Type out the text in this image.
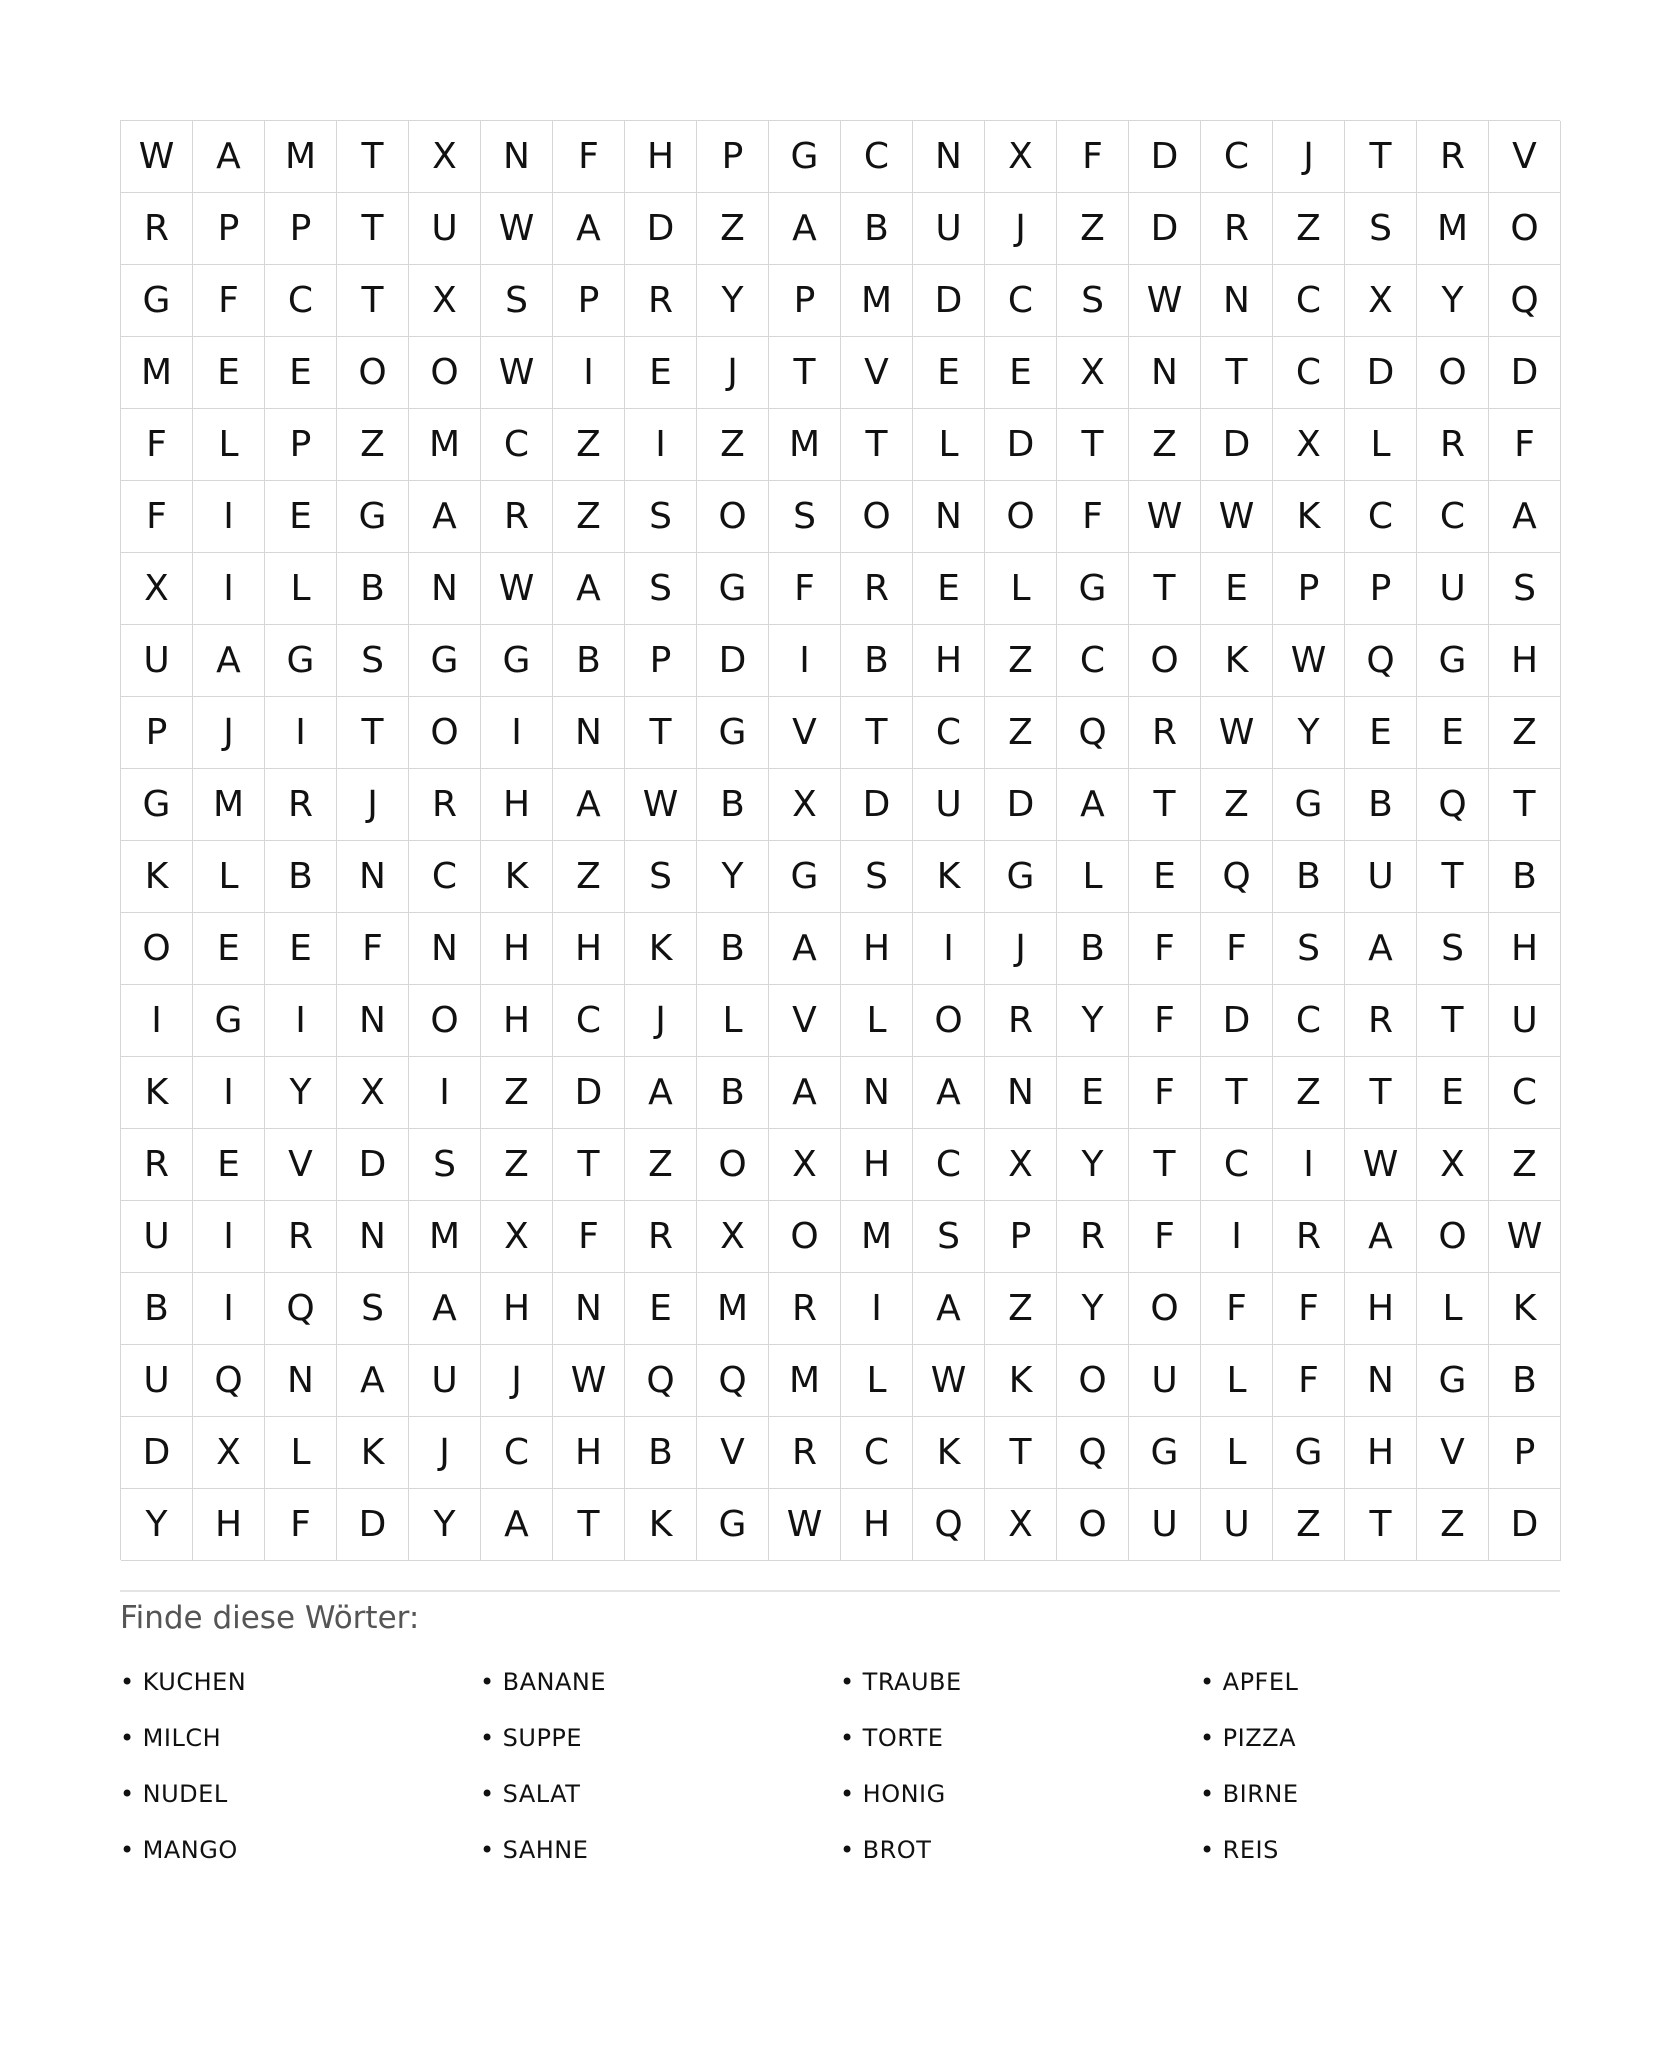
W	A	M	T	X	N	F	H	P	G	C	N	X	F	D	C	J	T	R	V
R	P	P	T	U	W	A	D	Z	A	B	U	J	Z	D	R	Z	S	M	O
G	F	C	T	X	S	P	R	Y	P	M	D	C	S	W	N	C	X	Y	Q
M	E	E	O	O	W	I	E	J	T	V	E	E	X	N	T	C	D	O	D
F	L	P	Z	M	C	Z	I	Z	M	T	L	D	T	Z	D	X	L	R	F
F	I	E	G	A	R	Z	S	O	S	O	N	O	F	W	W	K	C	C	A
X	I	L	B	N	W	A	S	G	F	R	E	L	G	T	E	P	P	U	S
U	A	G	S	G	G	B	P	D	I	B	H	Z	C	O	K	W	Q	G	H
P	J	I	T	O	I	N	T	G	V	T	C	Z	Q	R	W	Y	E	E	Z
G	M	R	J	R	H	A	W	B	X	D	U	D	A	T	Z	G	B	Q	T
K	L	B	N	C	K	Z	S	Y	G	S	K	G	L	E	Q	B	U	T	B
O	E	E	F	N	H	H	K	B	A	H	I	J	B	F	F	S	A	S	H
I	G	I	N	O	H	C	J	L	V	L	O	R	Y	F	D	C	R	T	U
K	I	Y	X	I	Z	D	A	B	A	N	A	N	E	F	T	Z	T	E	C
R	E	V	D	S	Z	T	Z	O	X	H	C	X	Y	T	C	I	W	X	Z
U	I	R	N	M	X	F	R	X	O	M	S	P	R	F	I	R	A	O	W
B	I	Q	S	A	H	N	E	M	R	I	A	Z	Y	O	F	F	H	L	K
U	Q	N	A	U	J	W	Q	Q	M	L	W	K	O	U	L	F	N	G	B
D	X	L	K	J	C	H	B	V	R	C	K	T	Q	G	L	G	H	V	P
Y	H	F	D	Y	A	T	K	G	W	H	Q	X	O	U	U	Z	T	Z	D
Finde diese Wörter:
• KUCHEN	• BANANE	• TRAUBE	• APFEL
• MILCH	• SUPPE	• TORTE	• PIZZA
• NUDEL	• SALAT	• HONIG	• BIRNE
• MANGO	• SAHNE	• BROT	• REIS
